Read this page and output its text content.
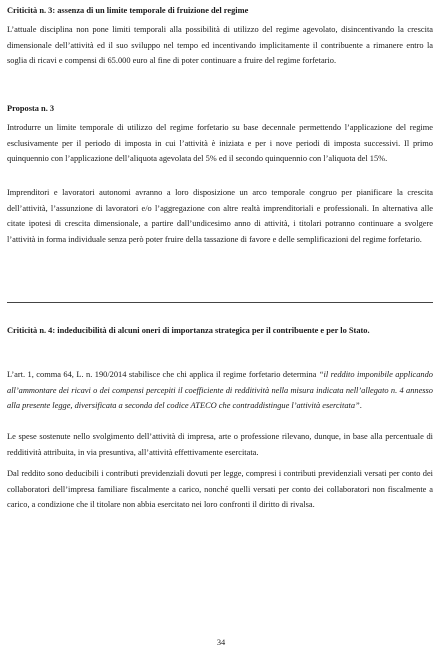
Criticità n. 3: assenza di un limite temporale di fruizione del regime

L’attuale disciplina non pone limiti temporali alla possibilità di utilizzo del regime agevolato, disincentivando la crescita dimensionale dell’attività ed il suo sviluppo nel tempo ed incentivando implicitamente il contribuente a rimanere entro la soglia di ricavi e compensi di 65.000 euro al fine di poter continuare a fruire del regime forfetario.

Proposta n. 3

Introdurre un limite temporale di utilizzo del regime forfetario su base decennale permettendo l’applicazione del regime esclusivamente per il periodo di imposta in cui l’attività è iniziata e per i nove periodi di imposta successivi. Il primo quinquennio con l’applicazione dell’aliquota agevolata del 5% ed il secondo quinquennio con l’aliquota del 15%.

Imprenditori e lavoratori autonomi avranno a loro disposizione un arco temporale congruo per pianificare la crescita dell’attività, l’assunzione di lavoratori e/o l’aggregazione con altre realtà imprenditoriali e professionali. In alternativa alle citate ipotesi di crescita dimensionale, a partire dall’undicesimo anno di attività, i titolari potranno continuare a svolgere l’attività in forma individuale senza però poter fruire della tassazione di favore e delle semplificazioni del regime forfetario.

Criticità n. 4: indeducibilità di alcuni oneri di importanza strategica per il contribuente e per lo Stato.

L’art. 1, comma 64, L. n. 190/2014 stabilisce che chi applica il regime forfetario determina “il reddito imponibile applicando all’ammontare dei ricavi o dei compensi percepiti il coefficiente di redditività nella misura indicata nell’allegato n. 4 annesso alla presente legge, diversificata a seconda del codice ATECO che contraddistingue l’attività esercitata”.

Le spese sostenute nello svolgimento dell’attività di impresa, arte o professione rilevano, dunque, in base alla percentuale di redditività attribuita, in via presuntiva, all’attività effettivamente esercitata.

Dal reddito sono deducibili i contributi previdenziali dovuti per legge, compresi i contributi previdenziali versati per conto dei collaboratori dell’impresa familiare fiscalmente a carico, nonché quelli versati per conto dei collaboratori non fiscalmente a carico, a condizione che il titolare non abbia esercitato nei loro confronti il diritto di rivalsa.

34
